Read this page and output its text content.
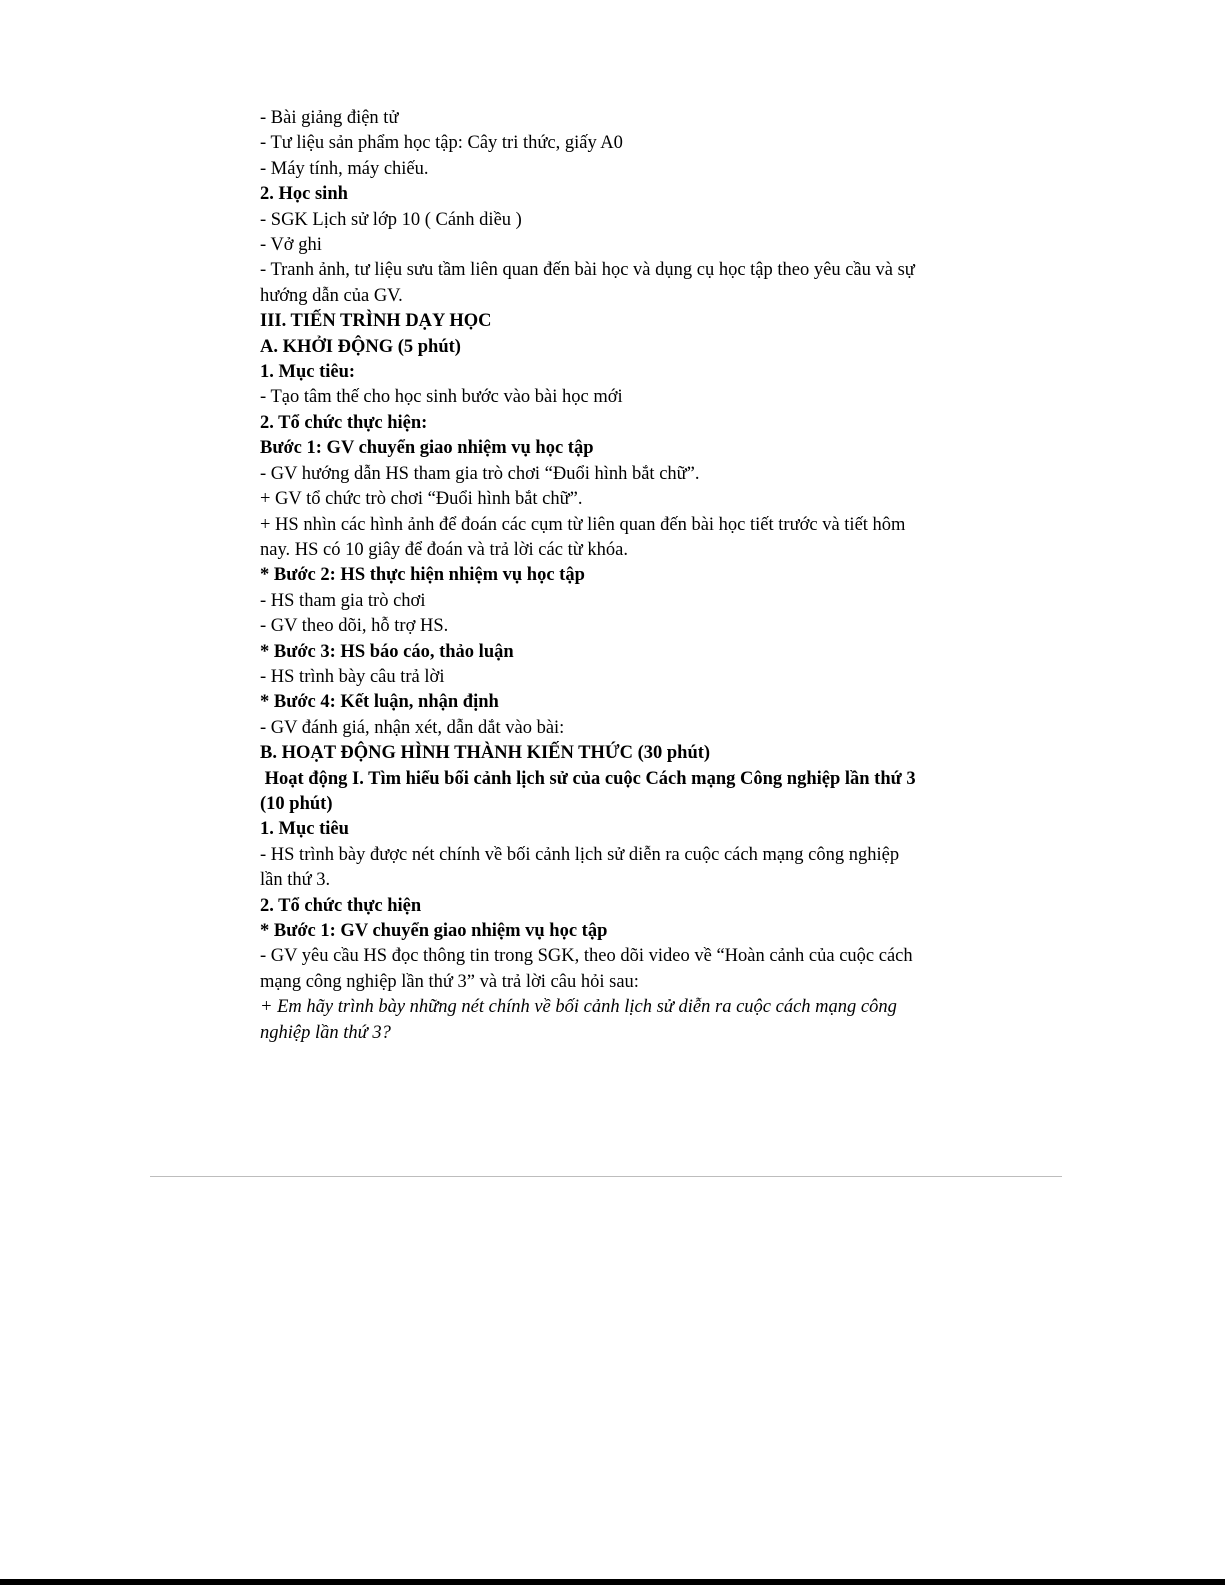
- Bài giảng điện tử

- Tư liệu sản phẩm học tập: Cây tri thức, giấy A0

- Máy tính, máy chiếu.

2. Học sinh

- SGK Lịch sử lớp 10 ( Cánh diều )

- Vở ghi

- Tranh ảnh, tư liệu sưu tầm liên quan đến bài học và dụng cụ học tập theo yêu cầu và sự

hướng dẫn của GV.

III. TIẾN TRÌNH DẠY HỌC

A. KHỞI ĐỘNG (5 phút)

1. Mục tiêu:

- Tạo tâm thế cho học sinh bước vào bài học mới

2. Tổ chức thực hiện:

Bước 1: GV chuyển giao nhiệm vụ học tập

- GV hướng dẫn HS tham gia trò chơi “Đuổi hình bắt chữ”.

+ GV tổ chức trò chơi “Đuổi hình bắt chữ”.

+ HS nhìn các hình ảnh để đoán các cụm từ liên quan đến bài học tiết trước và tiết hôm

nay. HS có 10 giây để đoán và trả lời các từ khóa.

* Bước 2: HS thực hiện nhiệm vụ học tập

- HS tham gia trò chơi

- GV theo dõi, hỗ trợ HS.

* Bước 3: HS báo cáo, thảo luận

- HS trình bày câu trả lời

* Bước 4: Kết luận, nhận định

- GV đánh giá, nhận xét, dẫn dắt vào bài:

B. HOẠT ĐỘNG HÌNH THÀNH KIẾN THỨC (30 phút)

Hoạt động I. Tìm hiểu bối cảnh lịch sử của cuộc Cách mạng Công nghiệp lần thứ 3

(10 phút)

1. Mục tiêu

- HS trình bày được nét chính về bối cảnh lịch sử diễn ra cuộc cách mạng công nghiệp

lần thứ 3.

2. Tổ chức thực hiện

* Bước 1: GV chuyển giao nhiệm vụ học tập

- GV yêu cầu HS đọc thông tin trong SGK, theo dõi video về “Hoàn cảnh của cuộc cách

mạng công nghiệp lần thứ 3” và trả lời câu hỏi sau:

+ Em hãy trình bày những nét chính về bối cảnh lịch sử diễn ra cuộc cách mạng công

nghiệp lần thứ 3?
